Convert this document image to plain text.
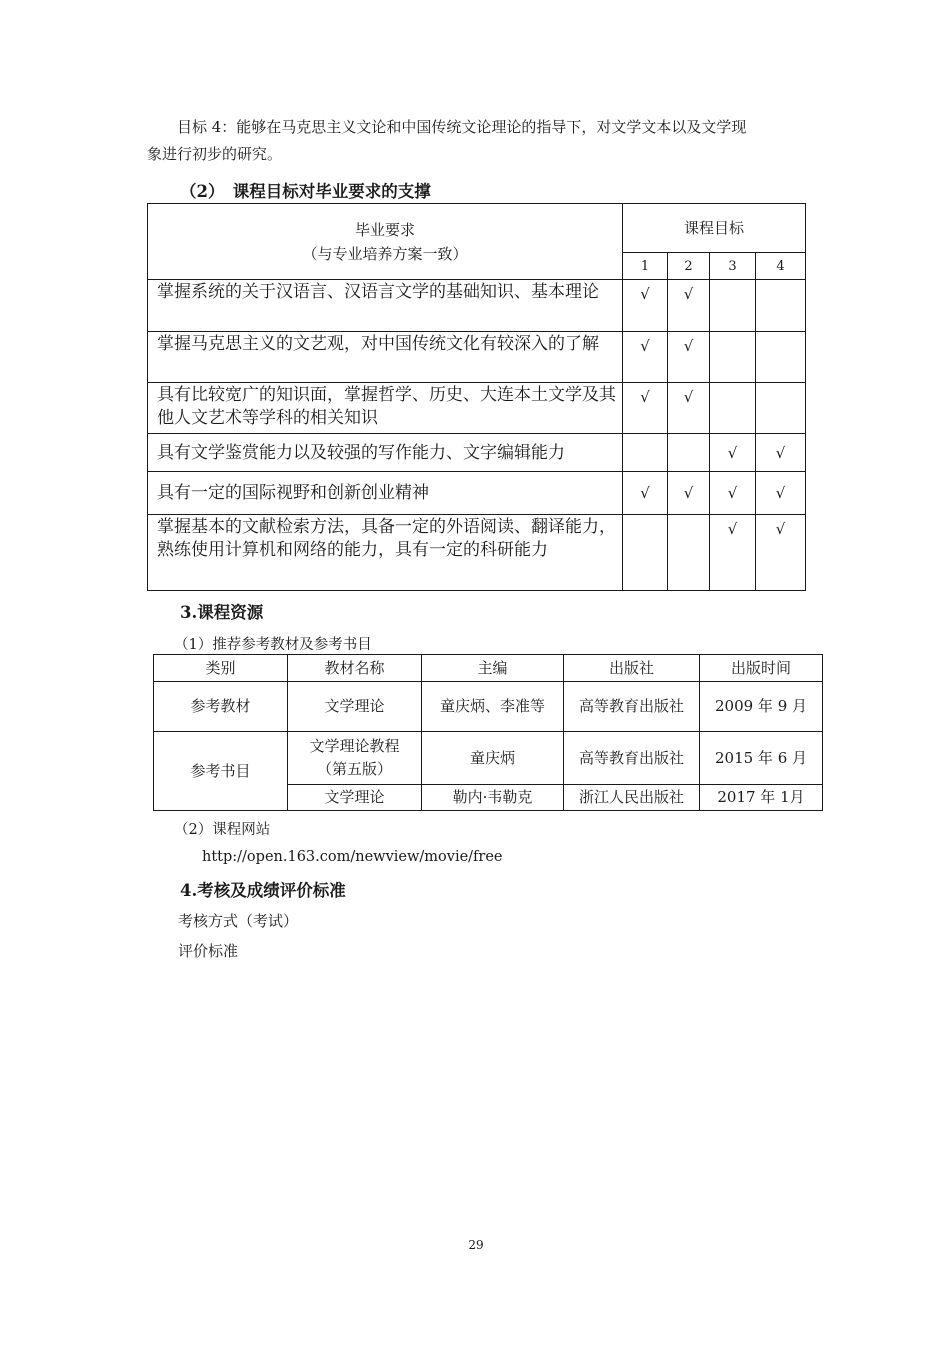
目标 4：能够在马克思主义文论和中国传统文论理论的指导下，对文学文本以及文学现
象进行初步的研究。

（2）　课程目标对毕业要求的支撑

毕业要求
（与专业培养方案一致）	课程目标			
	1	2	3	4
掌握系统的关于汉语言、汉语言文学的基础知识、基本理论	√	√		
掌握马克思主义的文艺观，对中国传统文化有较深入的了解	√	√		
具有比较宽广的知识面，掌握哲学、历史、大连本土文学及其他人文艺术等学科的相关知识	√	√		
具有文学鉴赏能力以及较强的写作能力、文字编辑能力			√	√
具有一定的国际视野和创新创业精神	√	√	√	√
掌握基本的文献检索方法，具备一定的外语阅读、翻译能力，熟练使用计算机和网络的能力，具有一定的科研能力			√	√

3.课程资源

（1）推荐参考教材及参考书目

类别	教材名称	主编	出版社	出版时间
参考教材	文学理论	童庆炳、李准等	高等教育出版社	2009 年 9 月
参考书目	文学理论教程
（第五版）	童庆炳	高等教育出版社	2015 年 6 月
	文学理论	勒内·韦勒克	浙江人民出版社	2017 年 1月

（2）课程网站

http://open.163.com/newview/movie/free

4.考核及成绩评价标准

考核方式（考试）

评价标准

29
